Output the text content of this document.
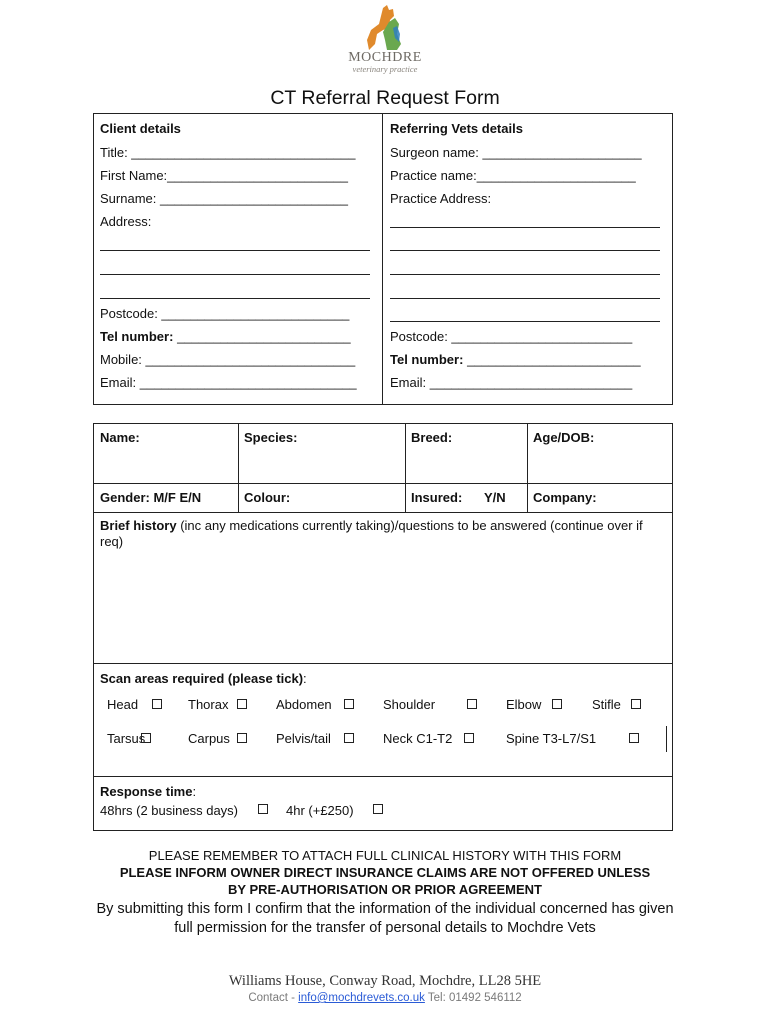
MOCHDRE
veterinary practice
CT Referral Request Form
Client details
Title: _______________________________
First Name:_________________________
Surname: __________________________
Address:
Postcode: __________________________
Tel number: ________________________
Mobile: _____________________________
Email: ______________________________
Referring Vets details
Surgeon name: ______________________
Practice name:______________________
Practice Address:
Postcode: _________________________
Tel number: ________________________
Email: ____________________________
Name:	Species:	Breed:	Age/DOB:
Gender: M/F E/N	Colour:	Insured: Y/N Company:
Brief history (inc any medications currently taking)/questions to be answered (continue over if req)
Scan areas required (please tick):
Head	Thorax	Abdomen	Shoulder	Elbow	Stifle
Tarsus	Carpus	Pelvis/tail	Neck C1-T2	Spine T3-L7/S1
Response time:
48hrs (2 business days)	4hr (+£250)
PLEASE REMEMBER TO ATTACH FULL CLINICAL HISTORY WITH THIS FORM
PLEASE INFORM OWNER DIRECT INSURANCE CLAIMS ARE NOT OFFERED UNLESS
BY PRE-AUTHORISATION OR PRIOR AGREEMENT
By submitting this form I confirm that the information of the individual concerned has given full permission for the transfer of personal details to Mochdre Vets
Williams House, Conway Road, Mochdre, LL28 5HE
Contact - info@mochdrevets.co.uk Tel: 01492 546112
